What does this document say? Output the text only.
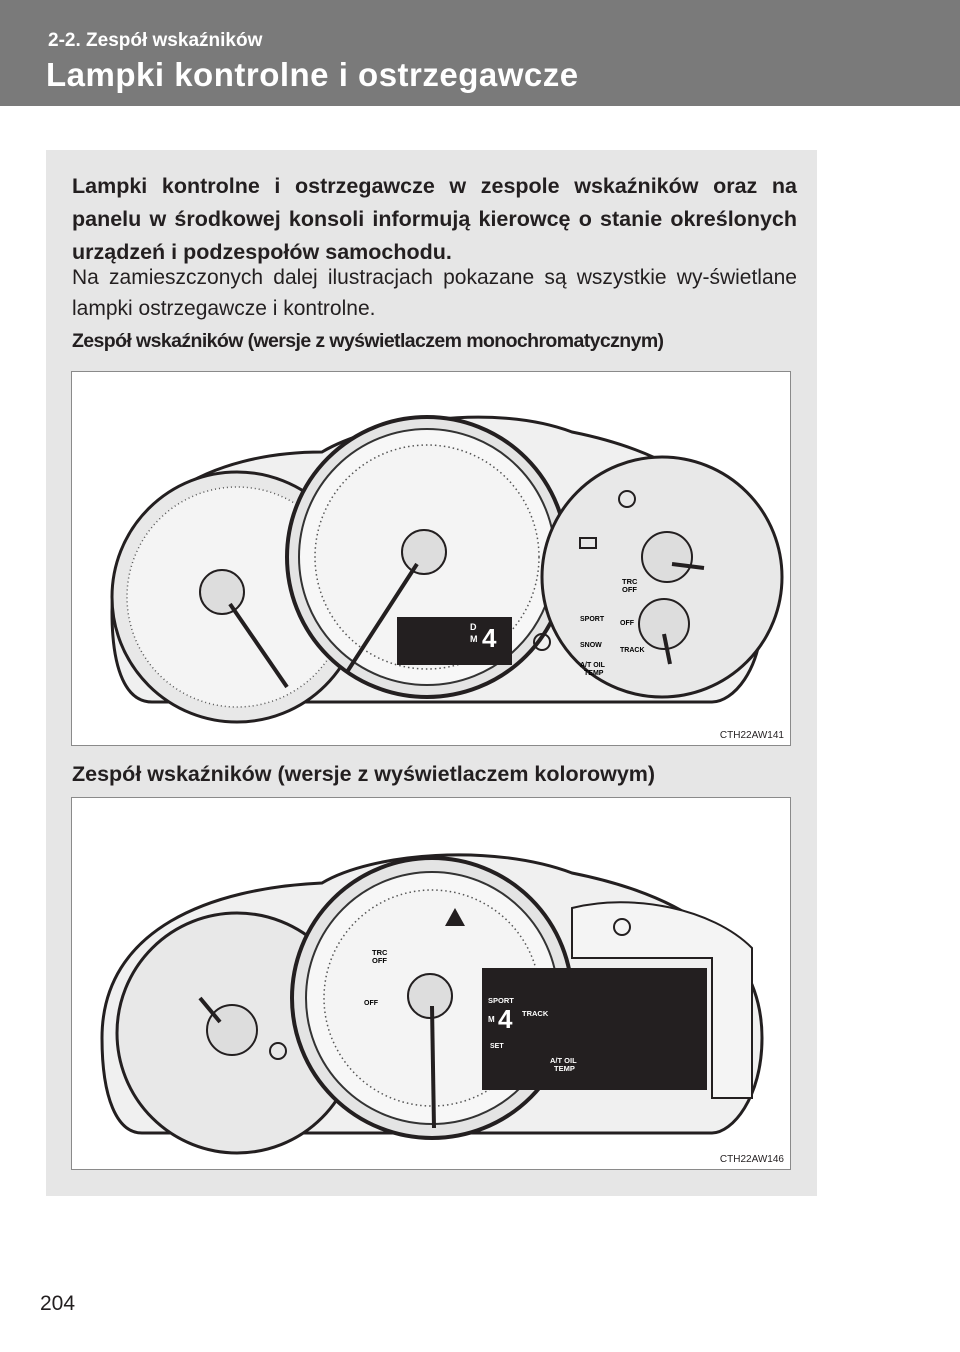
2-2. Zespół wskaźników
Lampki kontrolne i ostrzegawcze
Lampki kontrolne i ostrzegawcze w zespole wskaźników oraz na panelu w środkowej konsoli informują kierowcę o stanie określonych urządzeń i podzespołów samochodu.
Na zamieszczonych dalej ilustracjach pokazane są wszystkie wy-świetlane lampki ostrzegawcze i kontrolne.
Zespół wskaźników (wersje z wyświetlaczem monochromatycznym)
D
M 4
TRC
OFF
OFF
SPORT
SNOW
TRACK
A/T OIL
TEMP
CTH22AW141
Zespół wskaźników (wersje z wyświetlaczem kolorowym)
TRC
OFF
OFF	SPORT
M 4 TRACK
SET
A/T OIL
TEMP
CTH22AW146
204
